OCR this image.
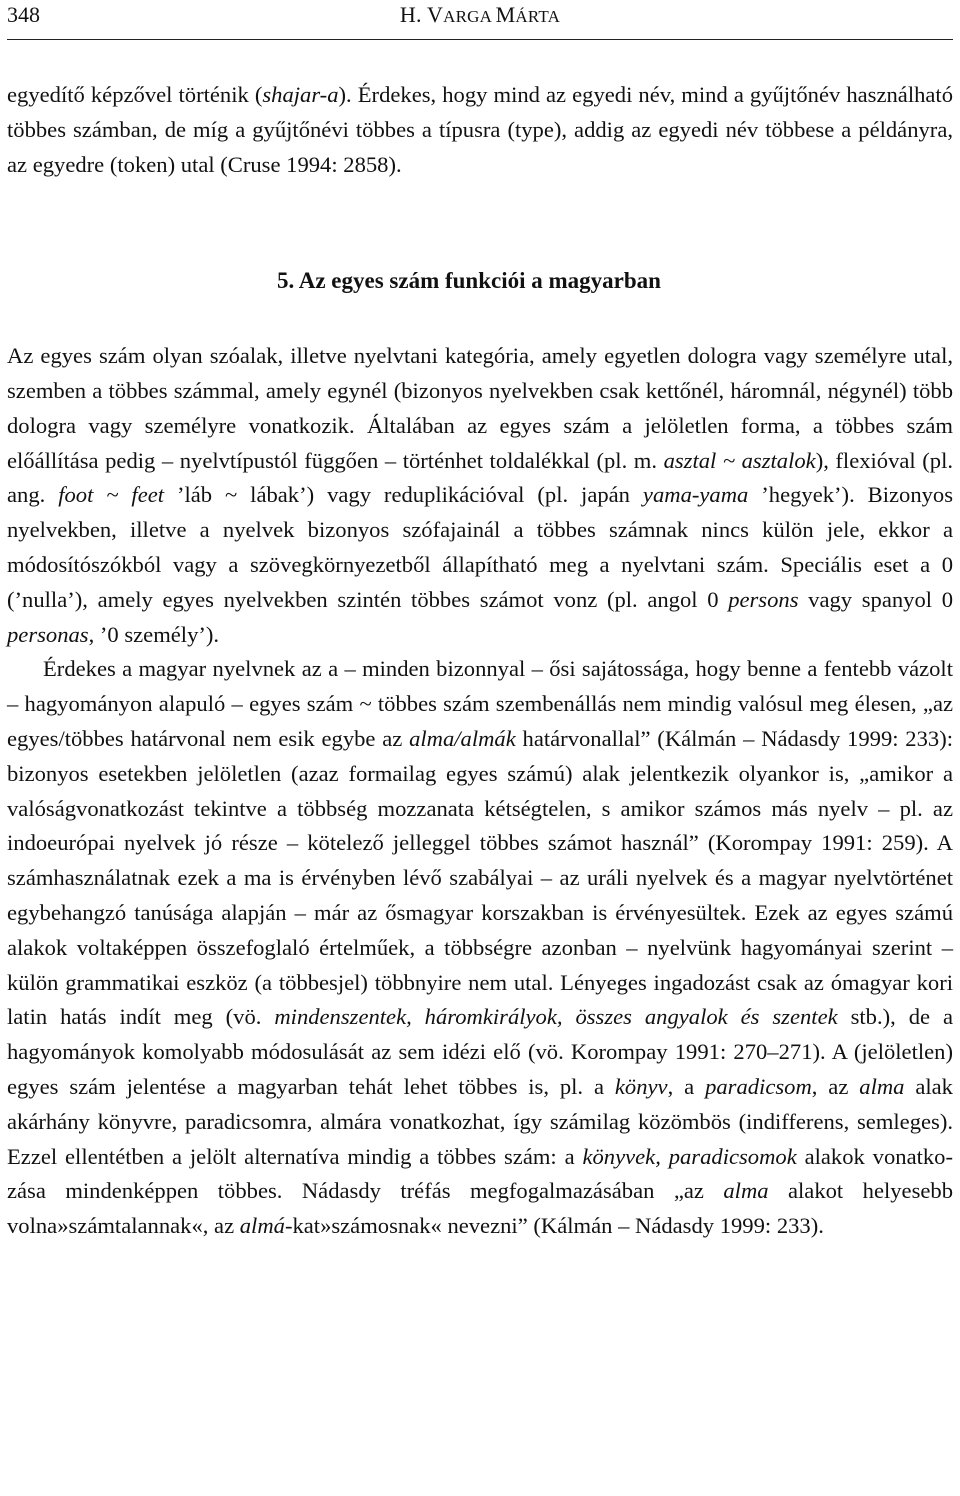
348	H. VARGA MÁRTA

egyedítő képzővel történik (shajar-a). Érdekes, hogy mind az egyedi név, mind a gyűjtőnév használható többes számban, de míg a gyűjtőnévi többes a típusra (type), addig az egyedi név többese a példányra, az egyedre (token) utal (Cruse 1994: 2858).

5. Az egyes szám funkciói a magyarban

Az egyes szám olyan szóalak, illetve nyelvtani kategória, amely egyetlen dologra vagy személyre utal, szemben a többes számmal, amely egynél (bizonyos nyelvekben csak kettőnél, háromnál, négynél) több dologra vagy személyre vonatkozik. Általában az egyes szám a jelöletlen forma, a többes szám előállítása pedig – nyelvtípustól függően – történhet toldalékkal (pl. m. asztal ~ asztalok), flexióval (pl. ang. foot ~ feet ’láb ~ lábak’) vagy reduplikációval (pl. japán yama-yama ’hegyek’). Bizonyos nyelvekben, illetve a nyelvek bizonyos szófajainál a többes számnak nincs külön jele, ekkor a módosítószókból vagy a szövegkörnyezetből állapítható meg a nyelvtani szám. Speciális eset a 0 (’nulla’), amely egyes nyelvekben szintén többes számot vonz (pl. angol 0 persons vagy spanyol 0 personas, ’0 személy’).

Érdekes a magyar nyelvnek az a – minden bizonnyal – ősi sajátossága, hogy benne a fentebb vázolt – hagyományon alapuló – egyes szám ~ többes szám szembenállás nem mindig valósul meg élesen, „az egyes/többes határvonal nem esik egybe az alma/almák határvonallal” (Kálmán – Nádasdy 1999: 233): bizonyos esetekben jelöletlen (azaz formailag egyes számú) alak jelentkezik olyankor is, „amikor a valóságvonatkozást tekintve a többség mozzanata kétségtelen, s amikor számos más nyelv – pl. az indoeurópai nyelvek jó része – kötelező jelleggel többes számot használ” (Korompay 1991: 259). A számhasználatnak ezek a ma is érvényben lévő szabályai – az uráli nyelvek és a magyar nyelvtörténet egybehangzó tanúsága alapján – már az ősmagyar korszakban is érvényesültek. Ezek az egyes számú alakok voltaképpen összefoglaló értelműek, a többségre azonban – nyelvünk hagyományai szerint – külön grammatikai eszköz (a többesjel) többnyire nem utal. Lényeges ingadozást csak az ómagyar kori latin hatás indít meg (vö. mindenszentek, háromkirályok, összes angyalok és szentek stb.), de a hagyományok komolyabb módosulását az sem idézi elő (vö. Korompay 1991: 270–271). A (jelöletlen) egyes szám jelentése a magyarban tehát lehet többes is, pl. a könyv, a paradicsom, az alma alak akárhány könyvre, paradicsomra, almára vonatkozhat, így számilag közömbös (indifferens, semleges). Ezzel ellentétben a jelölt alternatíva mindig a többes szám: a könyvek, paradicsomok alakok vonatkozása mindenképpen többes. Nádasdy tréfás megfogalmazásában „az alma alakot helyesebb volna»számtalannak«, az almá-kat»számosnak« nevezni” (Kálmán – Nádasdy 1999: 233).
